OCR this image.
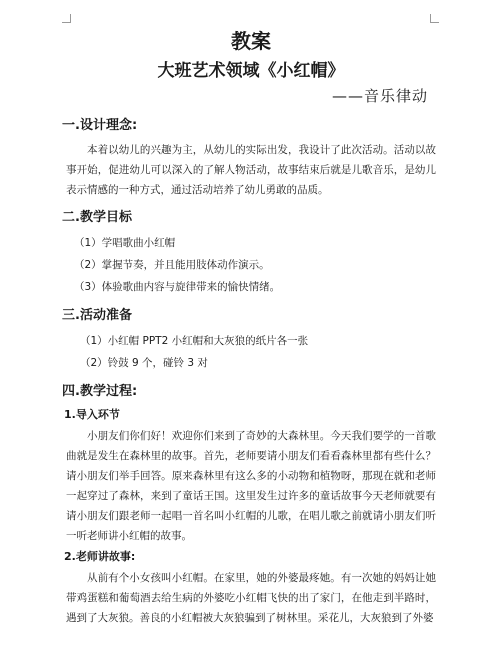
教案
大班艺术领域《小红帽》
——音乐律动
一.设计理念:

本着以幼儿的兴趣为主，从幼儿的实际出发，我设计了此次活动。活动以故事开始，促进幼儿可以深入的了解人物活动，故事结束后就是儿歌音乐，是幼儿表示情感的一种方式，通过活动培养了幼儿勇敢的品质。

二.教学目标
（1）学唱歌曲小红帽
（2）掌握节奏，并且能用肢体动作演示。
（3）体验歌曲内容与旋律带来的愉快情绪。
三.活动准备
（1）小红帽 PPT2 小红帽和大灰狼的纸片各一张
（2）铃鼓 9 个，碰铃 3 对
四.教学过程:
1.导入环节

小朋友们你们好！欢迎你们来到了奇妙的大森林里。今天我们要学的一首歌曲就是发生在森林里的故事。首先，老师要请小朋友们看看森林里都有些什么？请小朋友们举手回答。原来森林里有这么多的小动物和植物呀，那现在就和老师一起穿过了森林，来到了童话王国。这里发生过许多的童话故事今天老师就要有请小朋友们跟老师一起唱一首名叫小红帽的儿歌，在唱儿歌之前就请小朋友们听一听老师讲小红帽的故事。

2.老师讲故事:

从前有个小女孩叫小红帽。在家里，她的外婆最疼她。有一次她的妈妈让她带鸡蛋糕和葡萄酒去给生病的外婆吃小红帽飞快的出了家门，在他走到半路时，遇到了大灰狼。善良的小红帽被大灰狼骗到了树林里。采花儿，大灰狼到了外婆
